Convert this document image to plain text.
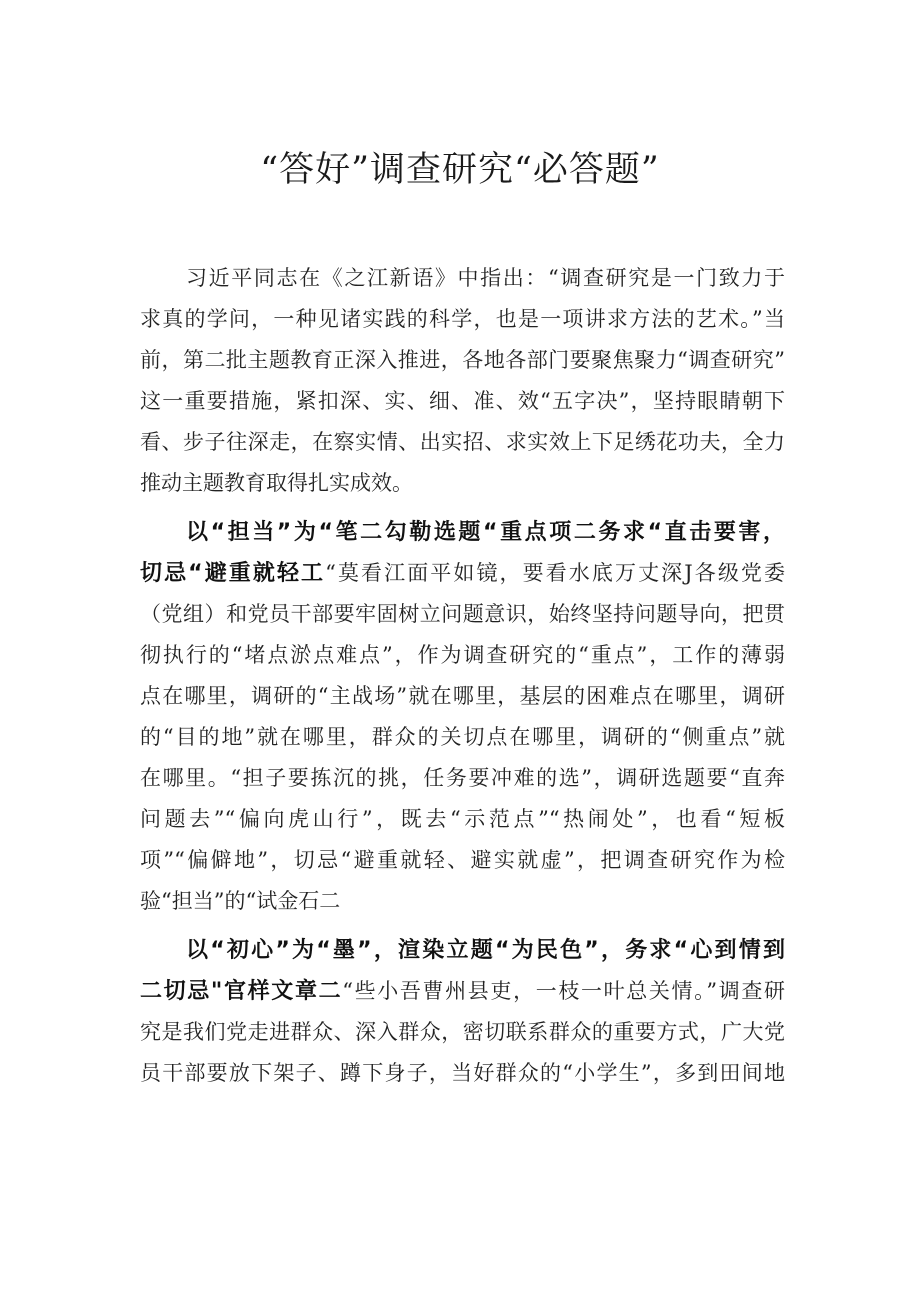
“答好”调查研究“必答题”
习近平同志在《之江新语》中指出：“调查研究是一门致力于
求真的学问，一种见诸实践的科学，也是一项讲求方法的艺术。”当
前，第二批主题教育正深入推进，各地各部门要聚焦聚力“调查研究”
这一重要措施，紧扣深、实、细、准、效“五字决”，坚持眼睛朝下
看、步子往深走，在察实情、出实招、求实效上下足绣花功夫，全力
推动主题教育取得扎实成效。
以“担当”为“笔二勾勒选题“重点项二务求“直击要害，
切忌“避重就轻工“莫看江面平如镜，要看水底万丈深J各级党委
（党组）和党员干部要牢固树立问题意识，始终坚持问题导向，把贯
彻执行的“堵点淤点难点”，作为调查研究的“重点”，工作的薄弱
点在哪里，调研的“主战场”就在哪里，基层的困难点在哪里，调研
的“目的地”就在哪里，群众的关切点在哪里，调研的“侧重点”就
在哪里。“担子要拣沉的挑，任务要冲难的选”，调研选题要“直奔
问题去”“偏向虎山行”，既去“示范点”“热闹处”，也看“短板
项”“偏僻地”，切忌“避重就轻、避实就虚”，把调查研究作为检
验“担当”的“试金石二
以“初心”为“墨”，渲染立题“为民色”，务求“心到情到
二切忌"官样文章二“些小吾曹州县吏，一枝一叶总关情。”调查研
究是我们党走进群众、深入群众，密切联系群众的重要方式，广大党
员干部要放下架子、蹲下身子，当好群众的“小学生”，多到田间地
